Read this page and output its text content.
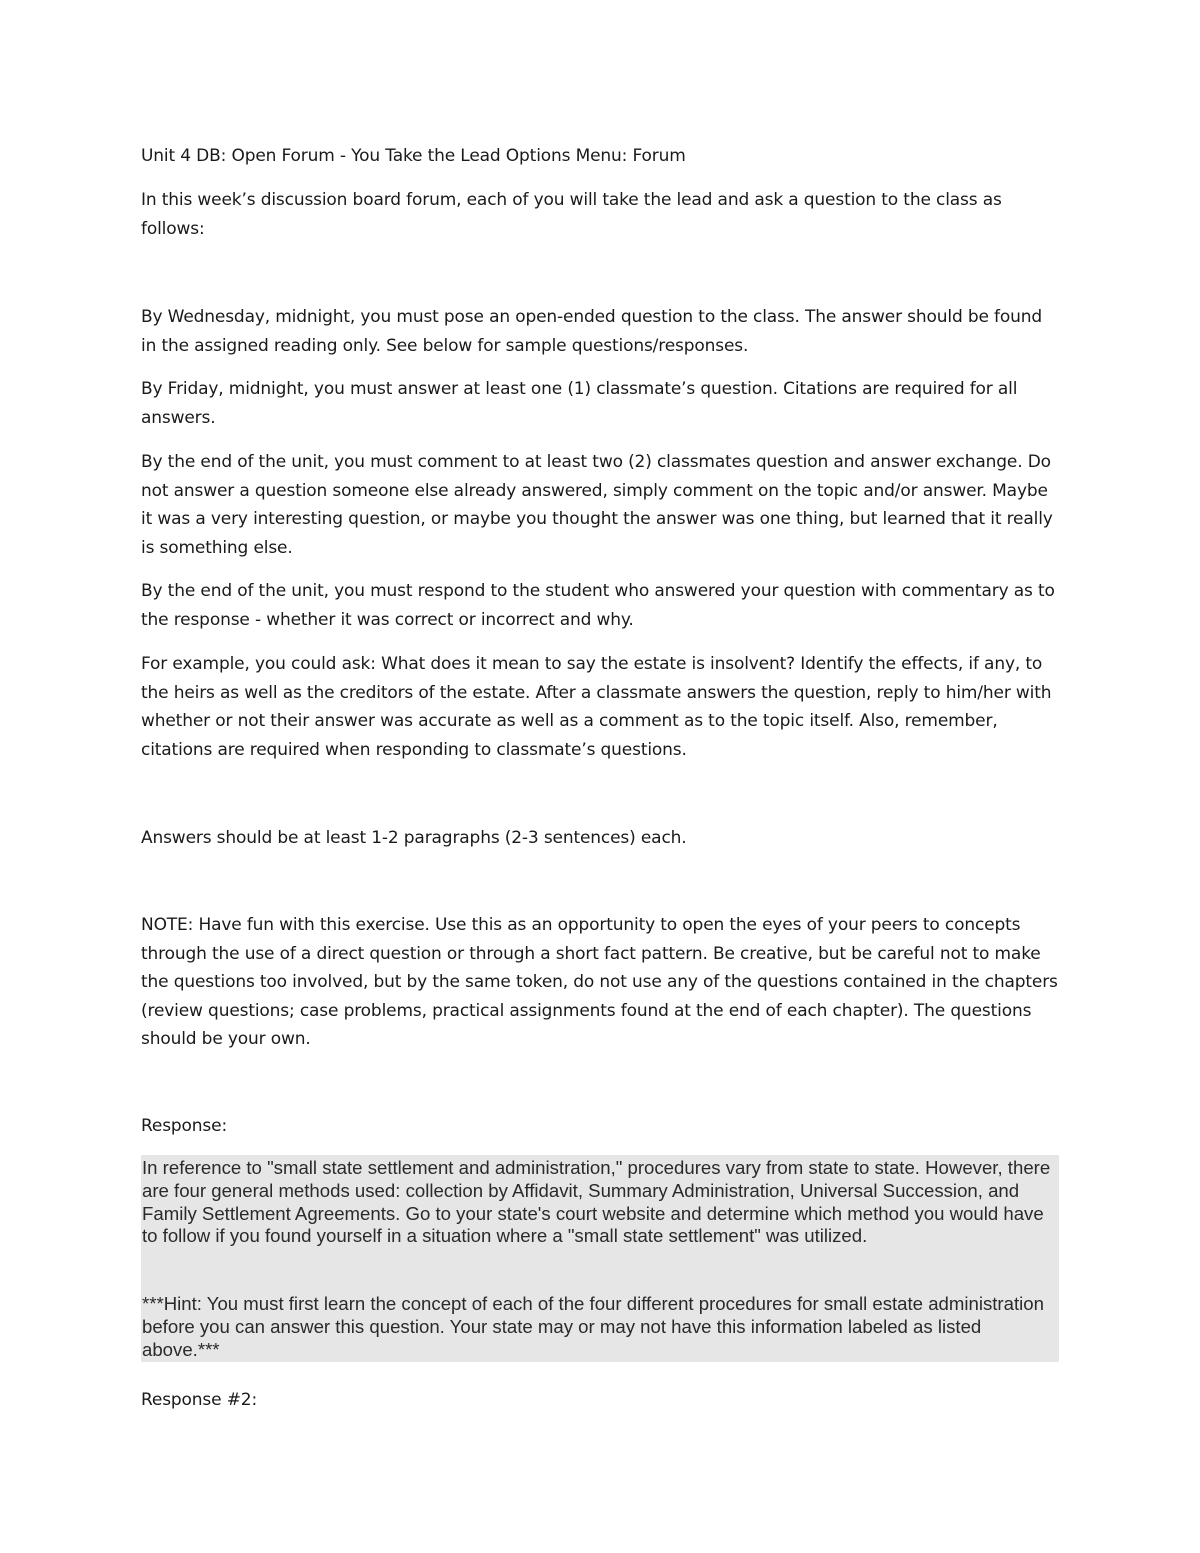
Unit 4 DB: Open Forum - You Take the Lead Options Menu: Forum
In this week’s discussion board forum, each of you will take the lead and ask a question to the class as follows:
By Wednesday, midnight, you must pose an open-ended question to the class. The answer should be found in the assigned reading only. See below for sample questions/responses.
By Friday, midnight, you must answer at least one (1) classmate’s question. Citations are required for all answers.
By the end of the unit, you must comment to at least two (2) classmates question and answer exchange. Do not answer a question someone else already answered, simply comment on the topic and/or answer. Maybe it was a very interesting question, or maybe you thought the answer was one thing, but learned that it really is something else.
By the end of the unit, you must respond to the student who answered your question with commentary as to the response - whether it was correct or incorrect and why.
For example, you could ask: What does it mean to say the estate is insolvent? Identify the effects, if any, to the heirs as well as the creditors of the estate. After a classmate answers the question, reply to him/her with whether or not their answer was accurate as well as a comment as to the topic itself. Also, remember, citations are required when responding to classmate’s questions.
Answers should be at least 1-2 paragraphs (2-3 sentences) each.
NOTE: Have fun with this exercise. Use this as an opportunity to open the eyes of your peers to concepts through the use of a direct question or through a short fact pattern. Be creative, but be careful not to make the questions too involved, but by the same token, do not use any of the questions contained in the chapters (review questions; case problems, practical assignments found at the end of each chapter). The questions should be your own.
Response:
In reference to "small state settlement and administration," procedures vary from state to state. However, there are four general methods used: collection by Affidavit, Summary Administration, Universal Succession, and Family Settlement Agreements. Go to your state's court website and determine which method you would have to follow if you found yourself in a situation where a "small state settlement" was utilized.
***Hint: You must first learn the concept of each of the four different procedures for small estate administration before you can answer this question. Your state may or may not have this information labeled as listed above.***
Response #2:
